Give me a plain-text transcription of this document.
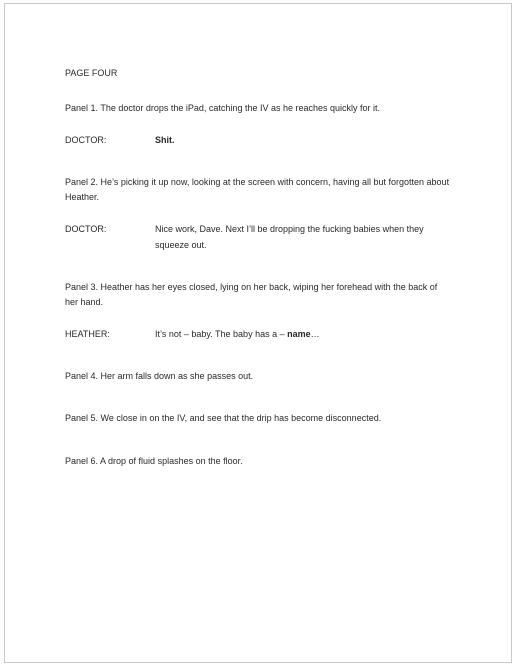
PAGE FOUR

Panel 1. The doctor drops the iPad, catching the IV as he reaches quickly for it.

DOCTOR:	Shit.

Panel 2. He’s picking it up now, looking at the screen with concern, having all but forgotten about Heather.

DOCTOR:	Nice work, Dave. Next I’ll be dropping the fucking babies when they squeeze out.

Panel 3. Heather has her eyes closed, lying on her back, wiping her forehead with the back of her hand.

HEATHER:	It’s not – baby. The baby has a – name…

Panel 4. Her arm falls down as she passes out.

Panel 5. We close in on the IV, and see that the drip has become disconnected.

Panel 6. A drop of fluid splashes on the floor.
